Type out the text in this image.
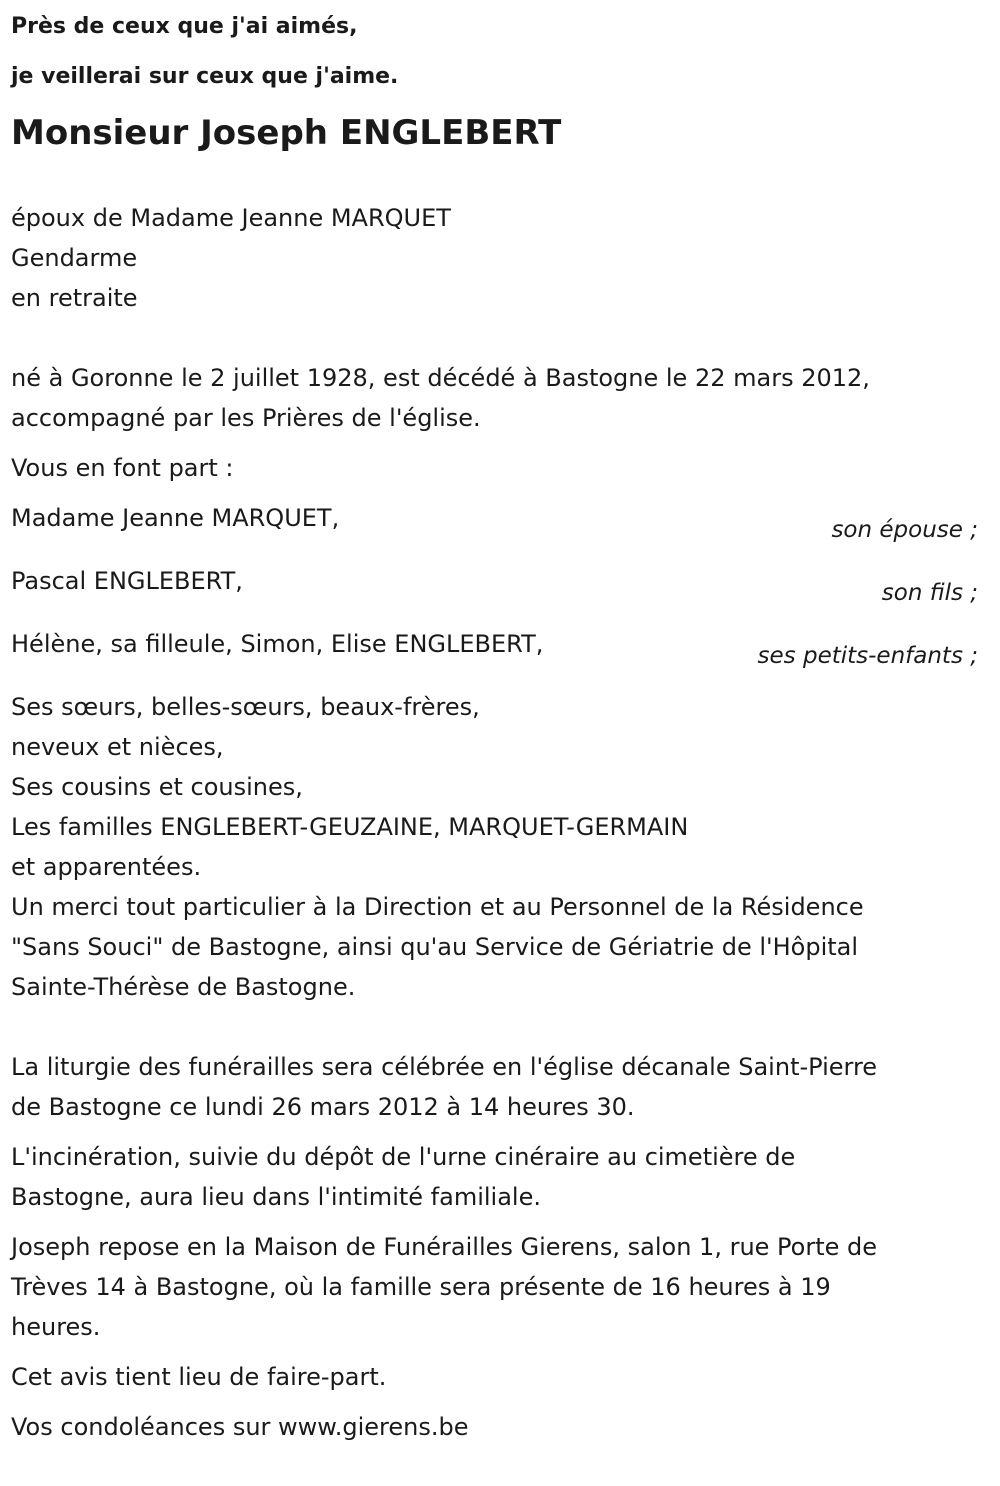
Près de ceux que j'ai aimés,
je veillerai sur ceux que j'aime.
Monsieur Joseph ENGLEBERT
époux de Madame Jeanne MARQUET
Gendarme
en retraite
né à Goronne le 2 juillet 1928, est décédé à Bastogne le 22 mars 2012,
accompagné par les Prières de l'église.
Vous en font part :
Madame Jeanne MARQUET,	son épouse ;
Pascal ENGLEBERT,	son fils ;
Hélène, sa filleule, Simon, Elise ENGLEBERT,	ses petits-enfants ;
Ses sœurs, belles-sœurs, beaux-frères,
neveux et nièces,
Ses cousins et cousines,
Les familles ENGLEBERT-GEUZAINE, MARQUET-GERMAIN
et apparentées.
Un merci tout particulier à la Direction et au Personnel de la Résidence
"Sans Souci" de Bastogne, ainsi qu'au Service de Gériatrie de l'Hôpital
Sainte-Thérèse de Bastogne.
La liturgie des funérailles sera célébrée en l'église décanale Saint-Pierre
de Bastogne ce lundi 26 mars 2012 à 14 heures 30.
L'incinération, suivie du dépôt de l'urne cinéraire au cimetière de
Bastogne, aura lieu dans l'intimité familiale.
Joseph repose en la Maison de Funérailles Gierens, salon 1, rue Porte de
Trèves 14 à Bastogne, où la famille sera présente de 16 heures à 19
heures.
Cet avis tient lieu de faire-part.
Vos condoléances sur www.gierens.be
